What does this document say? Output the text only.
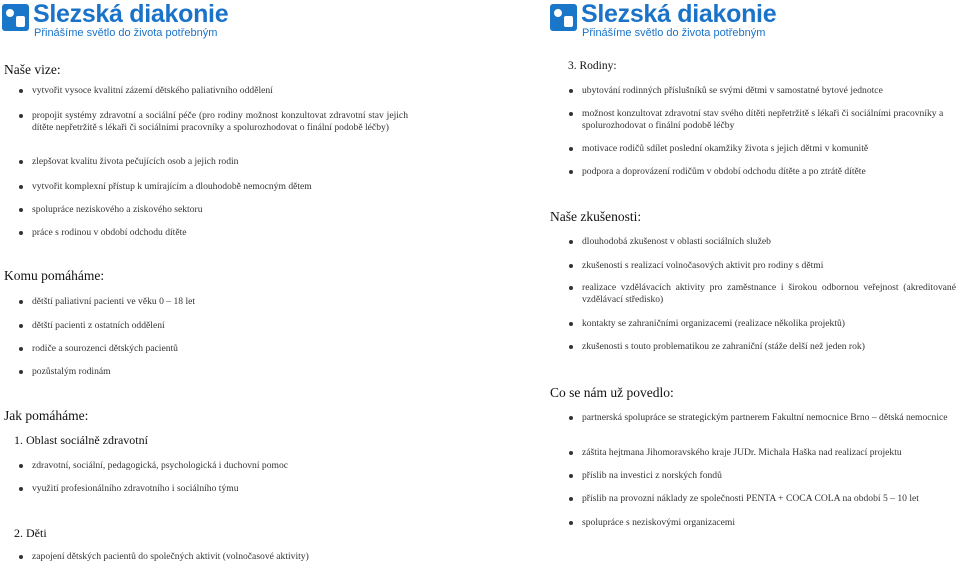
Slezská diakonie
Přinášíme světlo do života potřebným
Naše vize:
vytvořit vysoce kvalitní zázemí dětského paliativního oddělení
propojit systémy zdravotní a sociální péče (pro rodiny možnost konzultovat zdravotní stav jejich dítěte nepřetržitě s lékaři či sociálními pracovníky a spolurozhodovat o finální podobě léčby)
zlepšovat kvalitu života pečujících osob a jejich rodin
vytvořit komplexní přístup k umírajícím a dlouhodobě nemocným dětem
spolupráce neziskového a ziskového sektoru
práce s rodinou v období odchodu dítěte
Komu pomáháme:
dětští paliativní pacienti ve věku 0 – 18 let
dětští pacienti z ostatních oddělení
rodiče a sourozenci dětských pacientů
pozůstalým rodinám
Jak pomáháme:
1. Oblast sociálně zdravotní
zdravotní, sociální, pedagogická, psychologická i duchovní pomoc
využití profesionálního zdravotního i sociálního týmu
2. Děti
zapojení dětských pacientů do společných aktivit (volnočasové aktivity)
Slezská diakonie
Přinášíme světlo do života potřebným
3. Rodiny:
ubytování rodinných příslušníků se svými dětmi v samostatné bytové jednotce
možnost konzultovat zdravotní stav svého dítěti nepřetržitě s lékaři či sociálními pracovníky a spolurozhodovat o finální podobě léčby
motivace rodičů sdílet poslední okamžiky života s jejich dětmi v komunitě
podpora a doprovázení rodičům v období odchodu dítěte a po ztrátě dítěte
Naše zkušenosti:
dlouhodobá zkušenost v oblasti sociálních služeb
zkušenosti s realizací volnočasových aktivit pro rodiny s dětmi
realizace vzdělávacích aktivity pro zaměstnance i širokou odbornou veřejnost (akreditované vzdělávací středisko)
kontakty se zahraničními organizacemi (realizace několika projektů)
zkušenosti s touto problematikou ze zahraniční (stáže delší než jeden rok)
Co se nám už povedlo:
partnerská spolupráce se strategickým partnerem Fakultní nemocnice Brno – dětská nemocnice
záštita hejtmana Jihomoravského kraje JUDr. Michala Haška nad realizací projektu
příslib na investici z norských fondů
příslib na provozní náklady ze společnosti PENTA + COCA COLA na období 5 – 10 let
spolupráce s neziskovými organizacemi
